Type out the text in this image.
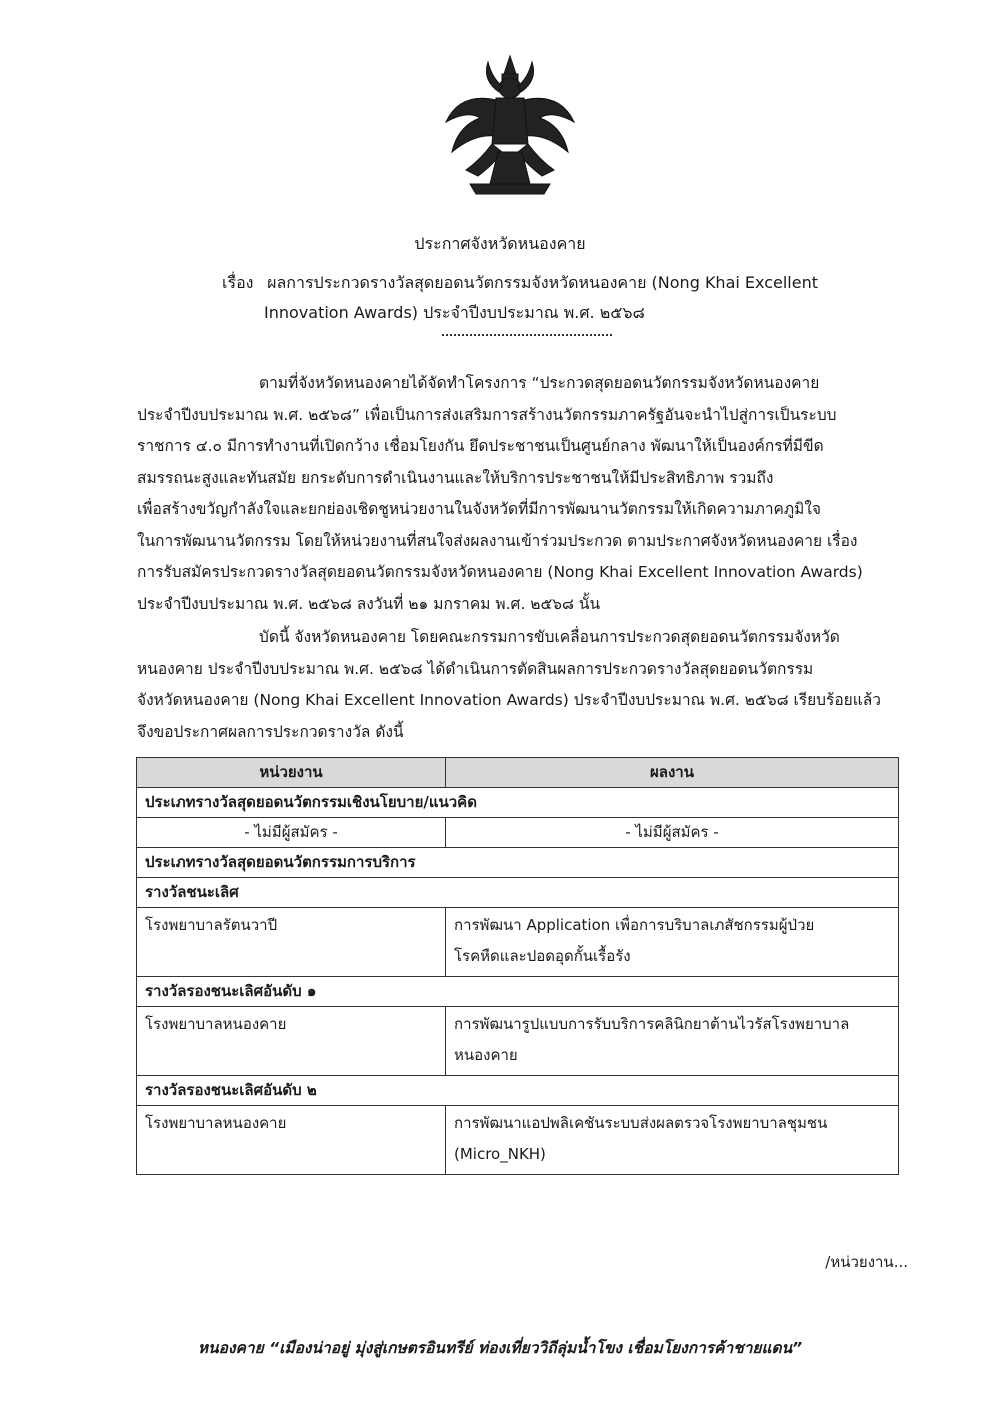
ประกาศจังหวัดหนองคาย
เรื่อง ผลการประกวดรางวัลสุดยอดนวัตกรรมจังหวัดหนองคาย (Nong Khai Excellent
Innovation Awards) ประจำปีงบประมาณ พ.ศ. ๒๕๖๘
ตามที่จังหวัดหนองคายได้จัดทำโครงการ “ประกวดสุดยอดนวัตกรรมจังหวัดหนองคาย
ประจำปีงบประมาณ พ.ศ. ๒๕๖๘” เพื่อเป็นการส่งเสริมการสร้างนวัตกรรมภาครัฐอันจะนำไปสู่การเป็นระบบ
ราชการ ๔.๐ มีการทำงานที่เปิดกว้าง เชื่อมโยงกัน ยึดประชาชนเป็นศูนย์กลาง พัฒนาให้เป็นองค์กรที่มีขีด
สมรรถนะสูงและทันสมัย ยกระดับการดำเนินงานและให้บริการประชาชนให้มีประสิทธิภาพ รวมถึง
เพื่อสร้างขวัญกำลังใจและยกย่องเชิดชูหน่วยงานในจังหวัดที่มีการพัฒนานวัตกรรมให้เกิดความภาคภูมิใจ
ในการพัฒนานวัตกรรม โดยให้หน่วยงานที่สนใจส่งผลงานเข้าร่วมประกวด ตามประกาศจังหวัดหนองคาย เรื่อง
การรับสมัครประกวดรางวัลสุดยอดนวัตกรรมจังหวัดหนองคาย (Nong Khai Excellent Innovation Awards)
ประจำปีงบประมาณ พ.ศ. ๒๕๖๘ ลงวันที่ ๒๑ มกราคม พ.ศ. ๒๕๖๘ นั้น
บัดนี้ จังหวัดหนองคาย โดยคณะกรรมการขับเคลื่อนการประกวดสุดยอดนวัตกรรมจังหวัด
หนองคาย ประจำปีงบประมาณ พ.ศ. ๒๕๖๘ ได้ดำเนินการตัดสินผลการประกวดรางวัลสุดยอดนวัตกรรม
จังหวัดหนองคาย (Nong Khai Excellent Innovation Awards) ประจำปีงบประมาณ พ.ศ. ๒๕๖๘ เรียบร้อยแล้ว
จึงขอประกาศผลการประกวดรางวัล ดังนี้
หน่วยงาน	ผลงาน
ประเภทรางวัลสุดยอดนวัตกรรมเชิงนโยบาย/แนวคิด	
- ไม่มีผู้สมัคร -	- ไม่มีผู้สมัคร -
ประเภทรางวัลสุดยอดนวัตกรรมการบริการ	
รางวัลชนะเลิศ	
โรงพยาบาลรัตนวาปี	การพัฒนา Application เพื่อการบริบาลเภสัชกรรมผู้ป่วย
โรคหืดและปอดอุดกั้นเรื้อรัง

รางวัลรองชนะเลิศอันดับ ๑	
โรงพยาบาลหนองคาย	การพัฒนารูปแบบการรับบริการคลินิกยาต้านไวรัสโรงพยาบาล
หนองคาย

รางวัลรองชนะเลิศอันดับ ๒	
โรงพยาบาลหนองคาย	การพัฒนาแอปพลิเคชันระบบส่งผลตรวจโรงพยาบาลชุมชน
(Micro_NKH)
/หน่วยงาน...
หนองคาย “เมืองน่าอยู่ มุ่งสู่เกษตรอินทรีย์ ท่องเที่ยววิถีลุ่มน้ำโขง เชื่อมโยงการค้าชายแดน”
